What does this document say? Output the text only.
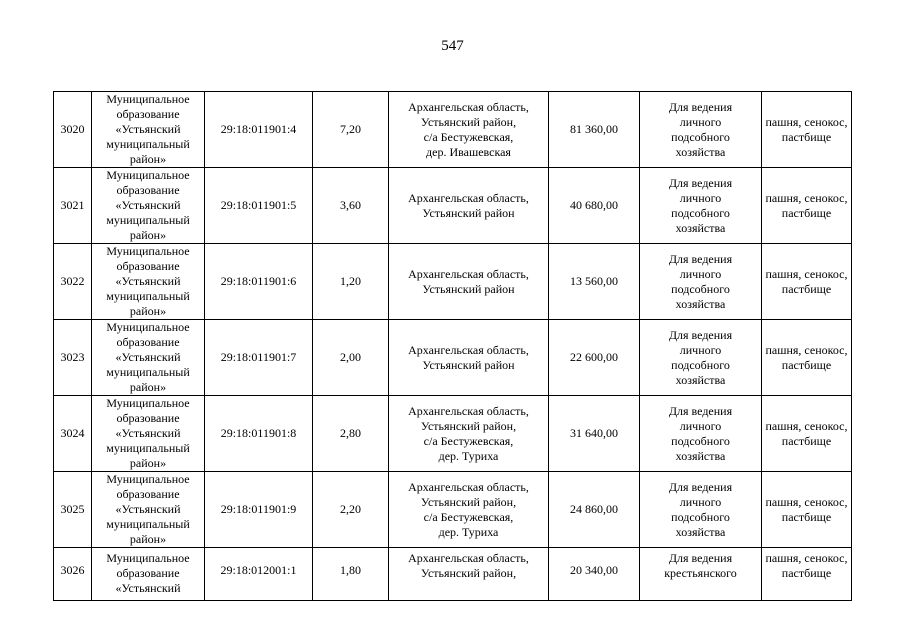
547
3020	Муниципальное
образование
«Устьянский
муниципальный
район»	29:18:011901:4	7,20	Архангельская область,
Устьянский район,
с/а Бестужевская,
дер. Ивашевская	81 360,00	Для ведения
личного
подсобного
хозяйства	пашня, сенокос,
пастбище
3021	Муниципальное
образование
«Устьянский
муниципальный
район»	29:18:011901:5	3,60	Архангельская область,
Устьянский район	40 680,00	Для ведения
личного
подсобного
хозяйства	пашня, сенокос,
пастбище
3022	Муниципальное
образование
«Устьянский
муниципальный
район»	29:18:011901:6	1,20	Архангельская область,
Устьянский район	13 560,00	Для ведения
личного
подсобного
хозяйства	пашня, сенокос,
пастбище
3023	Муниципальное
образование
«Устьянский
муниципальный
район»	29:18:011901:7	2,00	Архангельская область,
Устьянский район	22 600,00	Для ведения
личного
подсобного
хозяйства	пашня, сенокос,
пастбище
3024	Муниципальное
образование
«Устьянский
муниципальный
район»	29:18:011901:8	2,80	Архангельская область,
Устьянский район,
с/а Бестужевская,
дер. Туриха	31 640,00	Для ведения
личного
подсобного
хозяйства	пашня, сенокос,
пастбище
3025	Муниципальное
образование
«Устьянский
муниципальный
район»	29:18:011901:9	2,20	Архангельская область,
Устьянский район,
с/а Бестужевская,
дер. Туриха	24 860,00	Для ведения
личного
подсобного
хозяйства	пашня, сенокос,
пастбище

3026	Муниципальное
образование
«Устьянский	29:18:012001:1	1,80	Архангельская область,
Устьянский район,	20 340,00	Для ведения
крестьянского	пашня, сенокос,
пастбище
